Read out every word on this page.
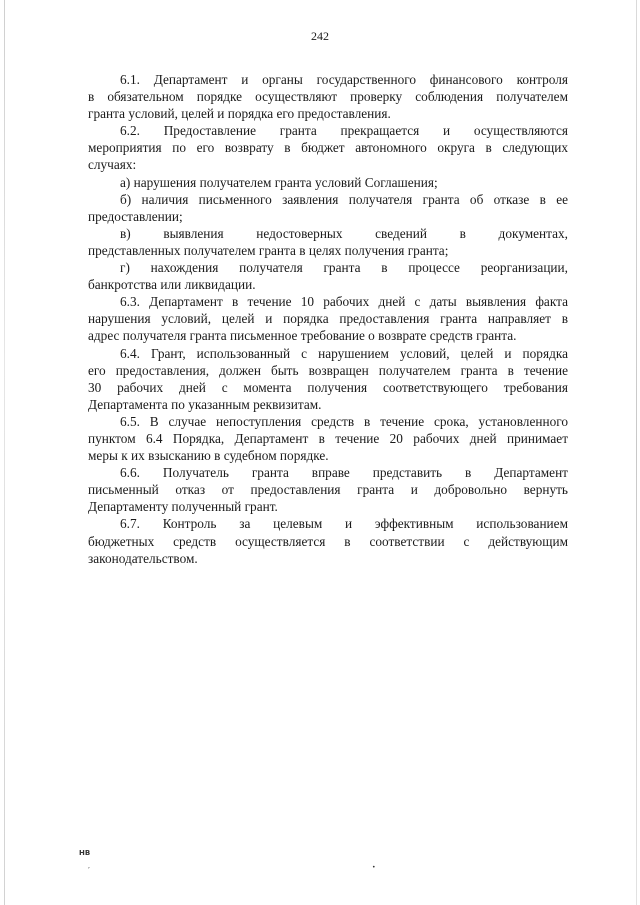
242
6.1. Департамент и органы государственного финансового контроля
в обязательном порядке осуществляют проверку соблюдения получателем
гранта условий, целей и порядка его предоставления.
6.2. Предоставление гранта прекращается и осуществляются
мероприятия по его возврату в бюджет автономного округа в следующих
случаях:
а) нарушения получателем гранта условий Соглашения;
б) наличия письменного заявления получателя гранта об отказе в ее
предоставлении;
в) выявления недостоверных сведений в документах,
представленных получателем гранта в целях получения гранта;
г) нахождения получателя гранта в процессе реорганизации,
банкротства или ликвидации.
6.3. Департамент в течение 10 рабочих дней с даты выявления факта
нарушения условий, целей и порядка предоставления гранта направляет в
адрес получателя гранта письменное требование о возврате средств гранта.
6.4. Грант, использованный с нарушением условий, целей и порядка
его предоставления, должен быть возвращен получателем гранта в течение
30 рабочих дней с момента получения соответствующего требования
Департамента по указанным реквизитам.
6.5. В случае непоступления средств в течение срока, установленного
пунктом 6.4 Порядка, Департамент в течение 20 рабочих дней принимает
меры к их взысканию в судебном порядке.
6.6. Получатель гранта вправе представить в Департамент
письменный отказ от предоставления гранта и добровольно вернуть
Департаменту полученный грант.
6.7. Контроль за целевым и эффективным использованием
бюджетных средств осуществляется в соответствии с действующим
законодательством.
НВ
,	•
